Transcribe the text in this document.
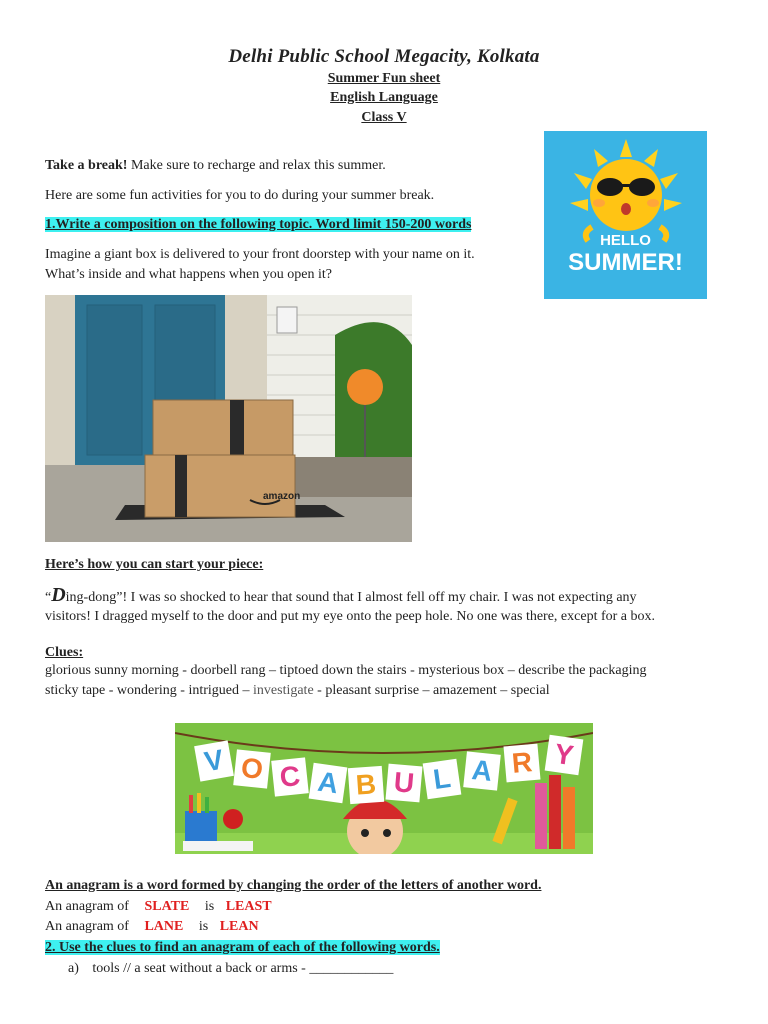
Delhi Public School Megacity, Kolkata
Summer Fun sheet
English Language
Class V
Take a break! Make sure to recharge and relax this summer.
Here are some fun activities for you to do during your summer break.
1.Write a composition on the following topic. Word limit 150-200 words
Imagine a giant box is delivered to your front doorstep with your name on it.
What’s inside and what happens when you open it?
HELLO
SUMMER!
amazon
Here’s how you can start your piece:
“Ding-dong”! I was so shocked to hear that sound that I almost fell off my chair. I was not expecting any
visitors! I dragged myself to the door and put my eye onto the peep hole. No one was there, except for a box.
Clues:
glorious sunny morning - doorbell rang – tiptoed down the stairs - mysterious box – describe the packaging
sticky tape - wondering - intrigued – investigate - pleasant surprise – amazement – special
V O C A B U L A R Y
An anagram is a word formed by changing the order of the letters of another word.
An anagram of SLATE is LEAST
An anagram of LANE is LEAN
2. Use the clues to find an anagram of each of the following words.
a) tools // a seat without a back or arms - ____________
